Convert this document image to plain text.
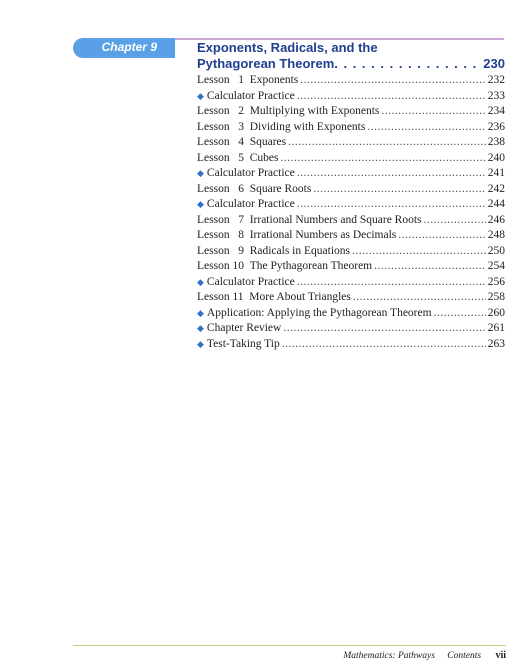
Chapter 9	Exponents, Radicals, and the
Pythagorean Theorem . . .	230
Lesson  1 Exponents .....	232
◆ Calculator Practice .....	233
Lesson  2 Multiplying with Exponents .....	234
Lesson  3 Dividing with Exponents .....	236
Lesson  4 Squares .....	238
Lesson  5 Cubes .....	240
◆ Calculator Practice .....	241
Lesson  6 Square Roots .....	242
◆ Calculator Practice .....	244
Lesson  7 Irrational Numbers and Square Roots .....	246
Lesson  8 Irrational Numbers as Decimals .....	248
Lesson  9 Radicals in Equations .....	250
Lesson 10 The Pythagorean Theorem .....	254
◆ Calculator Practice .....	256
Lesson 11 More About Triangles .....	258
◆ Application: Applying the Pythagorean Theorem .....	260
◆ Chapter Review .....	261
◆ Test-Taking Tip .....	263
Mathematics: Pathways Contents vii
